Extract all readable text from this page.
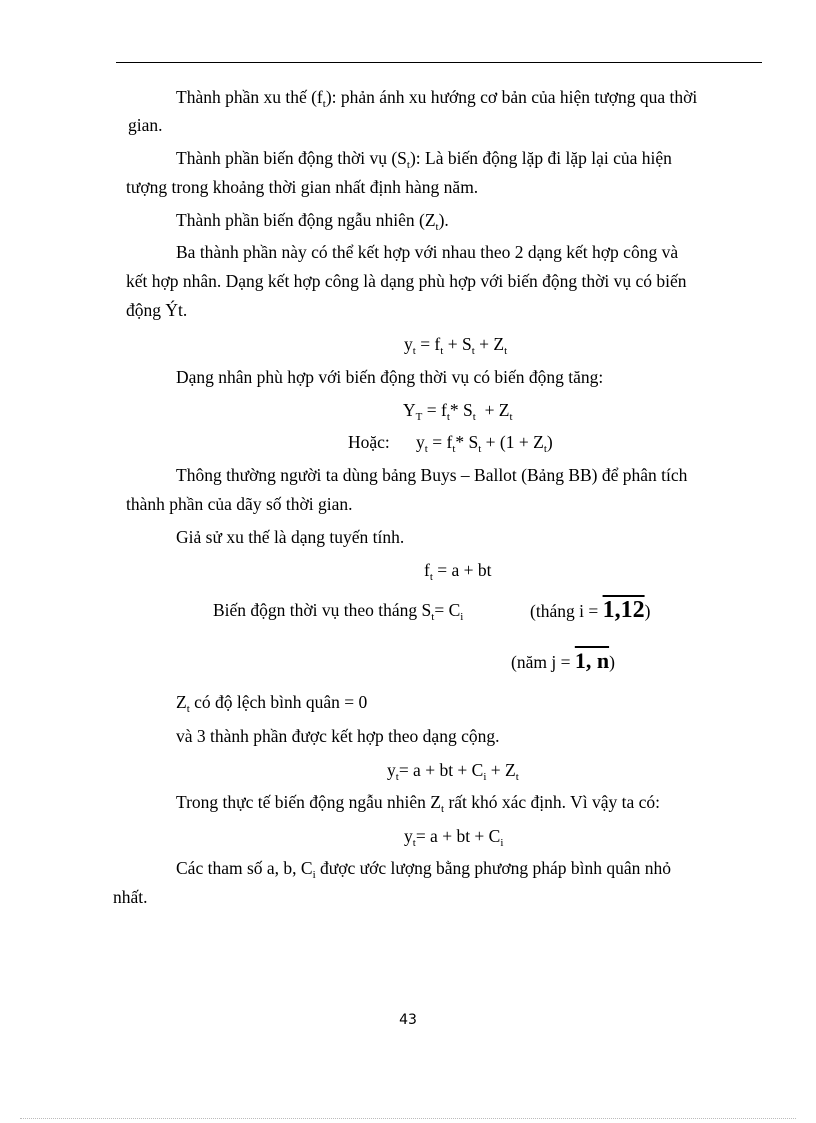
Thành phần xu thế $(f_t)$: phản ánh xu hướng cơ bản của hiện tượng qua thời
gian.
Thành phần biến động thời vụ $(S_t)$: Là biến động lặp đi lặp lại của hiện
tượng trong khoảng thời gian nhất định hàng năm.
Thành phần biến động ngẫu nhiên $(Z_t)$.
Ba thành phần này có thể kết hợp với nhau theo 2 dạng kết hợp công và
kết hợp nhân. Dạng kết hợp công là dạng phù hợp với biến động thời vụ có biến
động Ýt.
$y_t = f_t + S_t + Z_t$
Dạng nhân phù hợp với biến động thời vụ có biến động tăng:
$Y_T = f_t*$ $S_t + Z_t$
Hoặc:      $y_t = f_t*$ $S_t + (1 + Z_t)$
Thông thường người ta dùng bảng Buys – Ballot (Bảng BB) để phân tích
thành phần của dãy số thời gian.
Giả sử xu thế là dạng tuyến tính.
$f_t = a$ + bt
Biến độgn thời vụ theo tháng $S_t= C_i$	(tháng i = 1,12)
(năm j = 1, n)
$Z_t$ có độ lệch bình quân = 0
và 3 thành phần được kết hợp theo dạng cộng.
$y_t= a$ + bt + $C_i + Z_t$
Trong thực tế biến động ngẫu nhiên $Z_t$ rất khó xác định. Vì vậy ta có:
$y_t= a$ + bt + $C_i$
Các tham số a, b, $C_i$ được ước lượng bằng phương pháp bình quân nhỏ
nhất.
43
